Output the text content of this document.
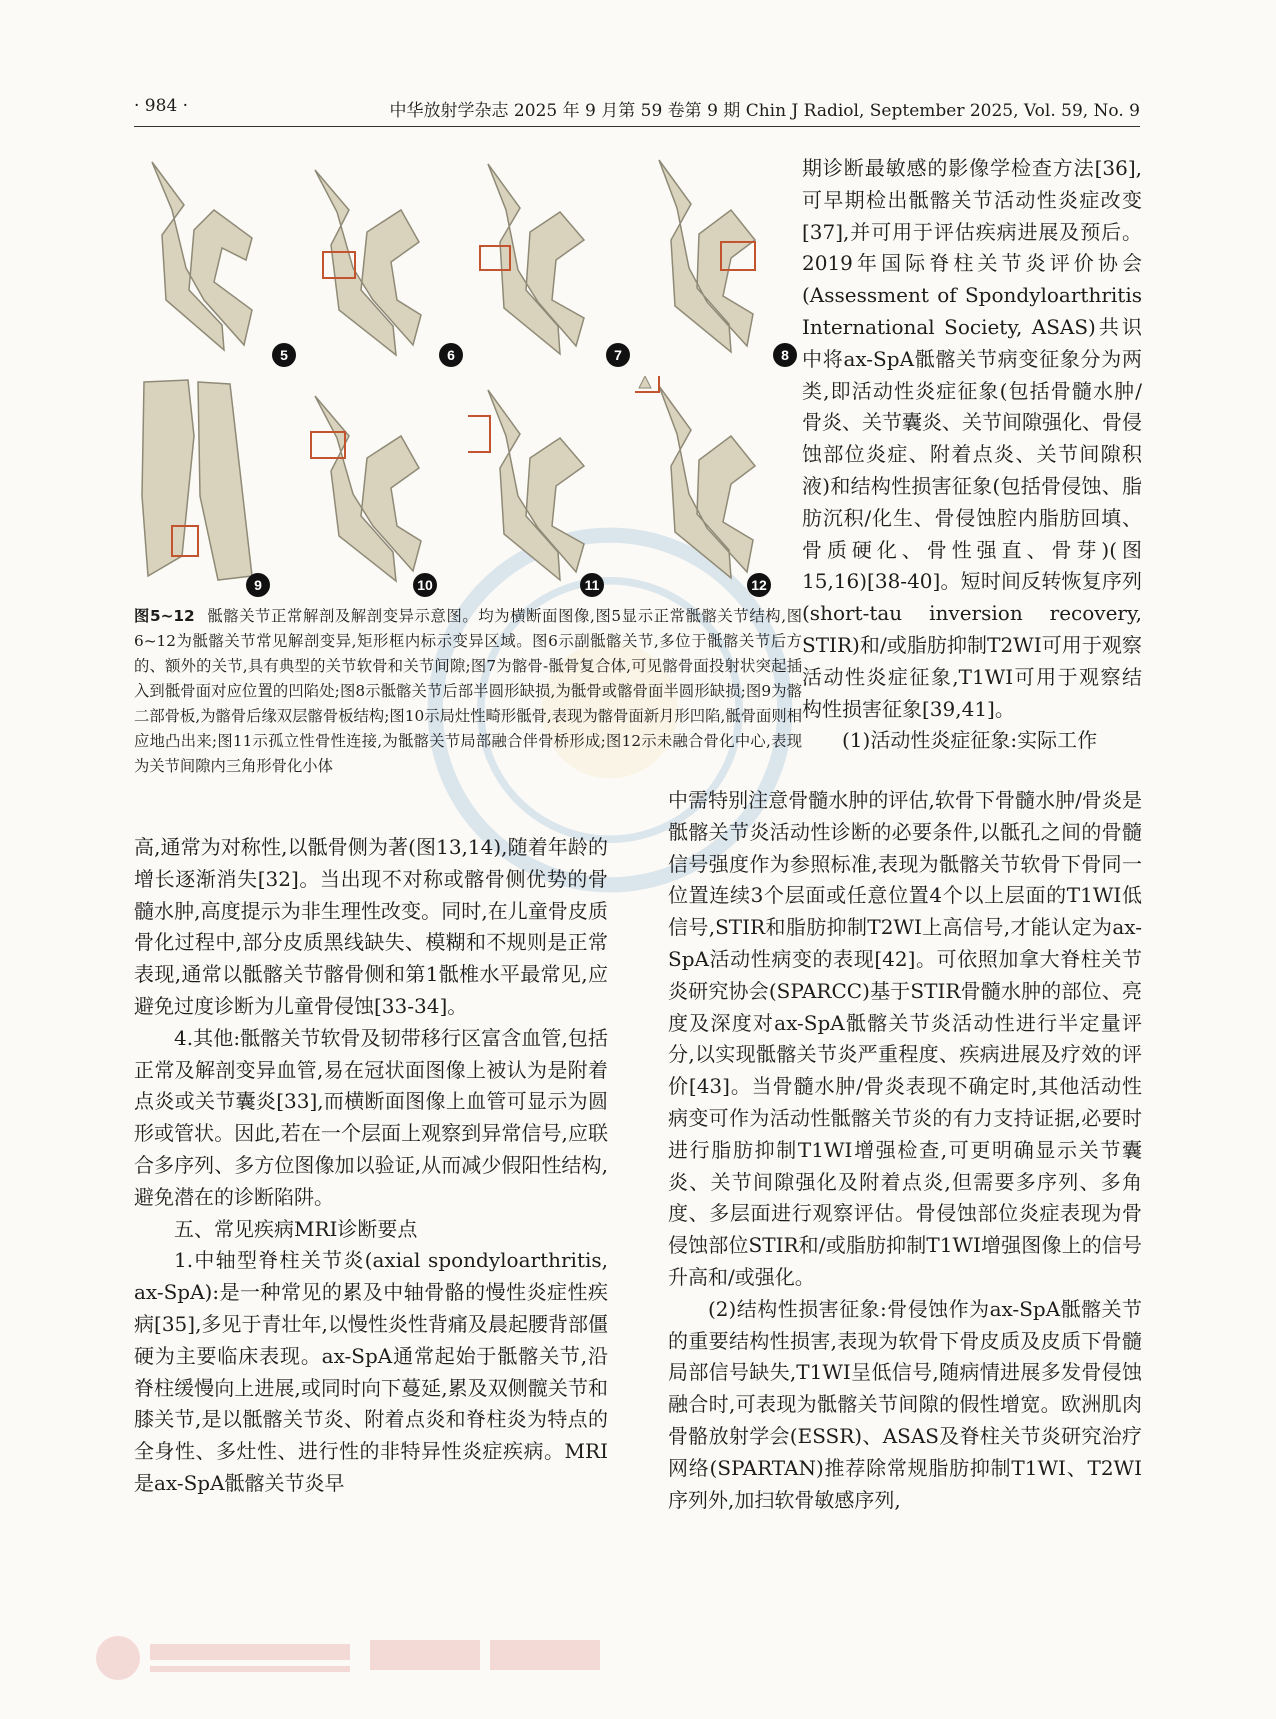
· 984 ·	中华放射学杂志 2025 年 9 月第 59 卷第 9 期 Chin J Radiol, September 2025, Vol. 59, No. 9
5	6	7	8
9	10	11	12
图5~12 骶髂关节正常解剖及解剖变异示意图。均为横断面图像,图5显示正常骶髂关节结构,图6~12为骶髂关节常见解剖变异,矩形框内标示变异区域。图6示副骶髂关节,多位于骶髂关节后方的、额外的关节,具有典型的关节软骨和关节间隙;图7为髂骨-骶骨复合体,可见髂骨面投射状突起插入到骶骨面对应位置的凹陷处;图8示骶髂关节后部半圆形缺损,为骶骨或髂骨面半圆形缺损;图9为髂二部骨板,为髂骨后缘双层髂骨板结构;图10示局灶性畸形骶骨,表现为髂骨面新月形凹陷,骶骨面则相应地凸出来;图11示孤立性骨性连接,为骶髂关节局部融合伴骨桥形成;图12示未融合骨化中心,表现为关节间隙内三角形骨化小体

期诊断最敏感的影像学检查方法[36],可早期检出骶髂关节活动性炎症改变[37],并可用于评估疾病进展及预后。2019年国际脊柱关节炎评价协会(Assessment of Spondyloarthritis International Society, ASAS)共识中将ax-SpA骶髂关节病变征象分为两类,即活动性炎症征象(包括骨髓水肿/骨炎、关节囊炎、关节间隙强化、骨侵蚀部位炎症、附着点炎、关节间隙积液)和结构性损害征象(包括骨侵蚀、脂肪沉积/化生、骨侵蚀腔内脂肪回填、骨质硬化、骨性强直、骨芽)(图15,16)[38-40]。短时间反转恢复序列(short-tau inversion recovery, STIR)和/或脂肪抑制T2WI可用于观察活动性炎症征象,T1WI可用于观察结构性损害征象[39,41]。

(1)活动性炎症征象:实际工作

中需特别注意骨髓水肿的评估,软骨下骨髓水肿/骨炎是骶髂关节炎活动性诊断的必要条件,以骶孔之间的骨髓信号强度作为参照标准,表现为骶髂关节软骨下骨同一位置连续3个层面或任意位置4个以上层面的T1WI低信号,STIR和脂肪抑制T2WI上高信号,才能认定为ax-SpA活动性病变的表现[42]。可依照加拿大脊柱关节炎研究协会(SPARCC)基于STIR骨髓水肿的部位、亮度及深度对ax-SpA骶髂关节炎活动性进行半定量评分,以实现骶髂关节炎严重程度、疾病进展及疗效的评价[43]。当骨髓水肿/骨炎表现不确定时,其他活动性病变可作为活动性骶髂关节炎的有力支持证据,必要时进行脂肪抑制T1WI增强检查,可更明确显示关节囊炎、关节间隙强化及附着点炎,但需要多序列、多角度、多层面进行观察评估。骨侵蚀部位炎症表现为骨侵蚀部位STIR和/或脂肪抑制T1WI增强图像上的信号升高和/或强化。

(2)结构性损害征象:骨侵蚀作为ax-SpA骶髂关节的重要结构性损害,表现为软骨下骨皮质及皮质下骨髓局部信号缺失,T1WI呈低信号,随病情进展多发骨侵蚀融合时,可表现为骶髂关节间隙的假性增宽。欧洲肌肉骨骼放射学会(ESSR)、ASAS及脊柱关节炎研究治疗网络(SPARTAN)推荐除常规脂肪抑制T1WI、T2WI序列外,加扫软骨敏感序列,

高,通常为对称性,以骶骨侧为著(图13,14),随着年龄的增长逐渐消失[32]。当出现不对称或髂骨侧优势的骨髓水肿,高度提示为非生理性改变。同时,在儿童骨皮质骨化过程中,部分皮质黑线缺失、模糊和不规则是正常表现,通常以骶髂关节髂骨侧和第1骶椎水平最常见,应避免过度诊断为儿童骨侵蚀[33-34]。

4.其他:骶髂关节软骨及韧带移行区富含血管,包括正常及解剖变异血管,易在冠状面图像上被认为是附着点炎或关节囊炎[33],而横断面图像上血管可显示为圆形或管状。因此,若在一个层面上观察到异常信号,应联合多序列、多方位图像加以验证,从而减少假阳性结构,避免潜在的诊断陷阱。

五、常见疾病MRI诊断要点

1.中轴型脊柱关节炎(axial spondyloarthritis, ax-SpA):是一种常见的累及中轴骨骼的慢性炎症性疾病[35],多见于青壮年,以慢性炎性背痛及晨起腰背部僵硬为主要临床表现。ax-SpA通常起始于骶髂关节,沿脊柱缓慢向上进展,或同时向下蔓延,累及双侧髋关节和膝关节,是以骶髂关节炎、附着点炎和脊柱炎为特点的全身性、多灶性、进行性的非特异性炎症疾病。MRI是ax-SpA骶髂关节炎早
